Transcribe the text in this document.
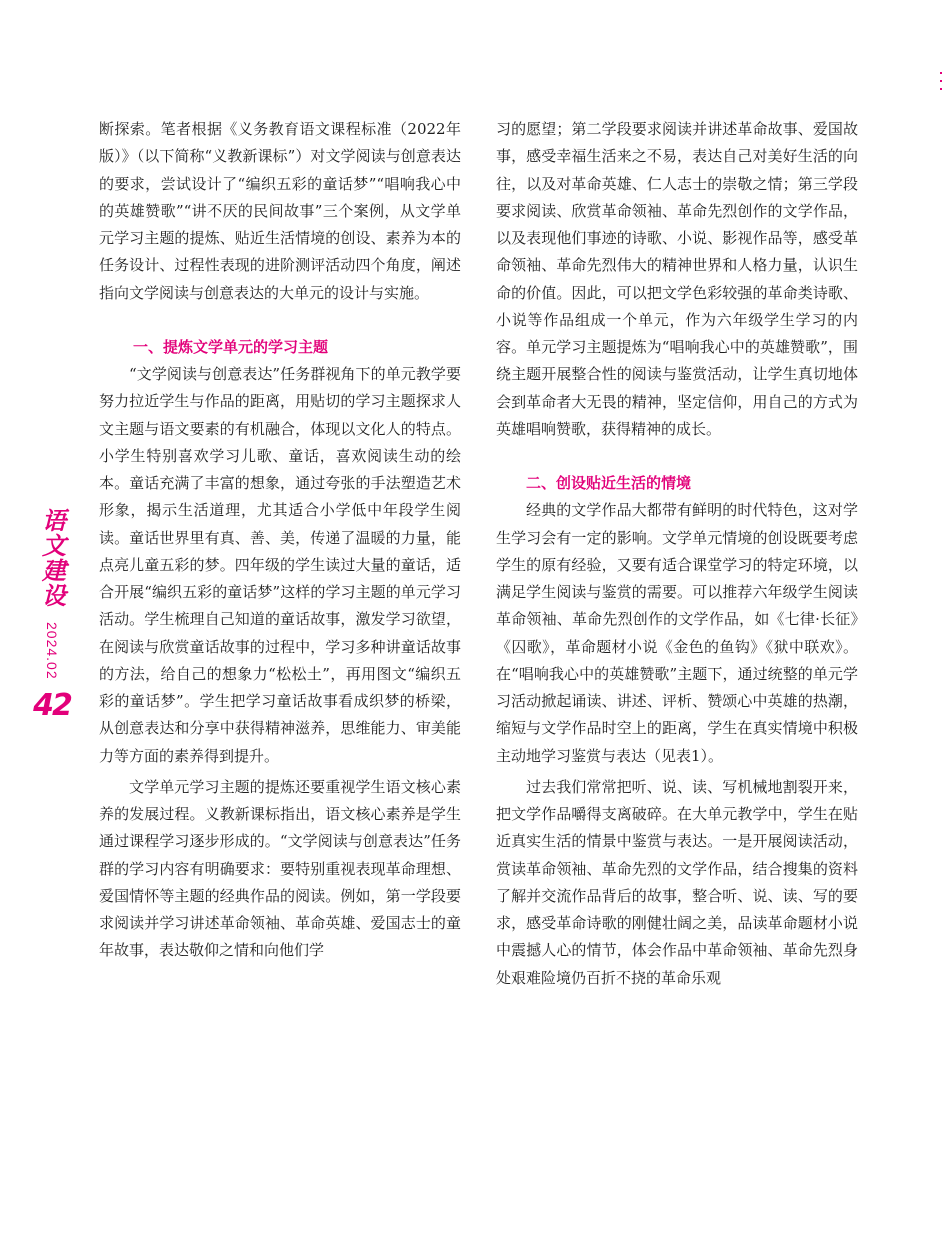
语文建设
2024.02
42

断探索。笔者根据《义务教育语文课程标准（2022年版）》（以下简称“义教新课标”）对文学阅读与创意表达的要求，尝试设计了“编织五彩的童话梦”“唱响我心中的英雄赞歌”“讲不厌的民间故事”三个案例，从文学单元学习主题的提炼、贴近生活情境的创设、素养为本的任务设计、过程性表现的进阶测评活动四个角度，阐述指向文学阅读与创意表达的大单元的设计与实施。

一、提炼文学单元的学习主题

“文学阅读与创意表达”任务群视角下的单元教学要努力拉近学生与作品的距离，用贴切的学习主题探求人文主题与语文要素的有机融合，体现以文化人的特点。小学生特别喜欢学习儿歌、童话，喜欢阅读生动的绘本。童话充满了丰富的想象，通过夸张的手法塑造艺术形象，揭示生活道理，尤其适合小学低中年段学生阅读。童话世界里有真、善、美，传递了温暖的力量，能点亮儿童五彩的梦。四年级的学生读过大量的童话，适合开展“编织五彩的童话梦”这样的学习主题的单元学习活动。学生梳理自己知道的童话故事，激发学习欲望，在阅读与欣赏童话故事的过程中，学习多种讲童话故事的方法，给自己的想象力“松松土”，再用图文“编织五彩的童话梦”。学生把学习童话故事看成织梦的桥梁，从创意表达和分享中获得精神滋养，思维能力、审美能力等方面的素养得到提升。

文学单元学习主题的提炼还要重视学生语文核心素养的发展过程。义教新课标指出，语文核心素养是学生通过课程学习逐步形成的。“文学阅读与创意表达”任务群的学习内容有明确要求：要特别重视表现革命理想、爱国情怀等主题的经典作品的阅读。例如，第一学段要求阅读并学习讲述革命领袖、革命英雄、爱国志士的童年故事，表达敬仰之情和向他们学

习的愿望；第二学段要求阅读并讲述革命故事、爱国故事，感受幸福生活来之不易，表达自己对美好生活的向往，以及对革命英雄、仁人志士的崇敬之情；第三学段要求阅读、欣赏革命领袖、革命先烈创作的文学作品，以及表现他们事迹的诗歌、小说、影视作品等，感受革命领袖、革命先烈伟大的精神世界和人格力量，认识生命的价值。因此，可以把文学色彩较强的革命类诗歌、小说等作品组成一个单元，作为六年级学生学习的内容。单元学习主题提炼为“唱响我心中的英雄赞歌”，围绕主题开展整合性的阅读与鉴赏活动，让学生真切地体会到革命者大无畏的精神，坚定信仰，用自己的方式为英雄唱响赞歌，获得精神的成长。

二、创设贴近生活的情境

经典的文学作品大都带有鲜明的时代特色，这对学生学习会有一定的影响。文学单元情境的创设既要考虑学生的原有经验，又要有适合课堂学习的特定环境，以满足学生阅读与鉴赏的需要。可以推荐六年级学生阅读革命领袖、革命先烈创作的文学作品，如《七律·长征》《囚歌》，革命题材小说《金色的鱼钩》《狱中联欢》。在“唱响我心中的英雄赞歌”主题下，通过统整的单元学习活动掀起诵读、讲述、评析、赞颂心中英雄的热潮，缩短与文学作品时空上的距离，学生在真实情境中积极主动地学习鉴赏与表达（见表1）。

过去我们常常把听、说、读、写机械地割裂开来，把文学作品嚼得支离破碎。在大单元教学中，学生在贴近真实生活的情景中鉴赏与表达。一是开展阅读活动，赏读革命领袖、革命先烈的文学作品，结合搜集的资料了解并交流作品背后的故事，整合听、说、读、写的要求，感受革命诗歌的刚健壮阔之美，品读革命题材小说中震撼人心的情节，体会作品中革命领袖、革命先烈身处艰难险境仍百折不挠的革命乐观
